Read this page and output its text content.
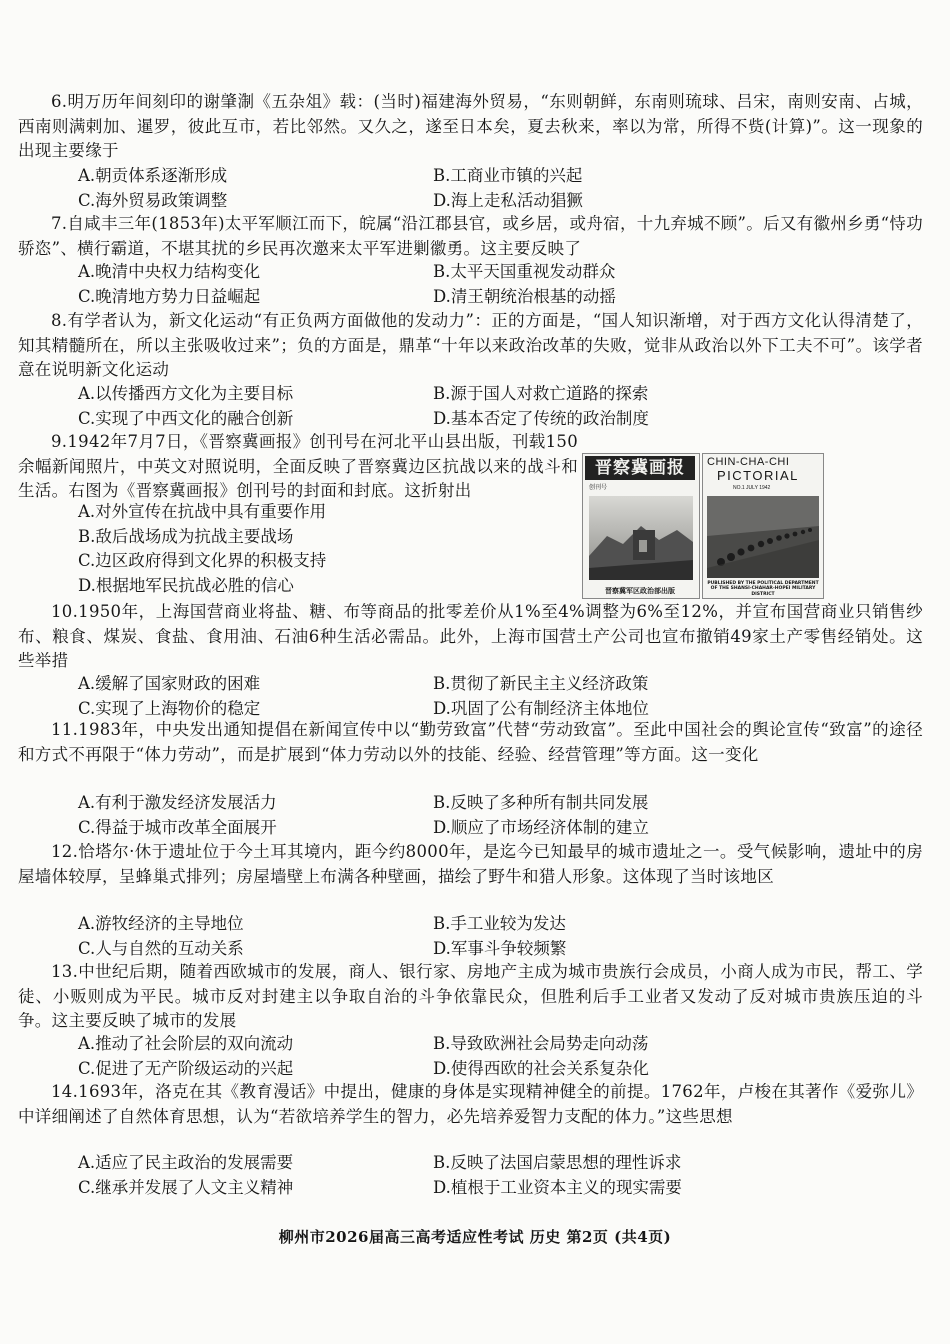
6.明万历年间刻印的谢肇淛《五杂俎》载：(当时)福建海外贸易，“东则朝鲜，东南则琉球、吕宋，南则安南、占城，西南则满剌加、暹罗，彼此互市，若比邻然。又久之，遂至日本矣，夏去秋来，率以为常，所得不赀(计算)”。这一现象的出现主要缘于
A.朝贡体系逐渐形成	B.工商业市镇的兴起
C.海外贸易政策调整	D.海上走私活动猖獗
7.自咸丰三年(1853年)太平军顺江而下，皖属“沿江郡县官，或乡居，或舟宿，十九弃城不顾”。后又有徽州乡勇“恃功骄恣”、横行霸道，不堪其扰的乡民再次邀来太平军进剿徽勇。这主要反映了
A.晚清中央权力结构变化	B.太平天国重视发动群众
C.晚清地方势力日益崛起	D.清王朝统治根基的动摇
8.有学者认为，新文化运动“有正负两方面做他的发动力”：正的方面是，“国人知识渐增，对于西方文化认得清楚了，知其精髓所在，所以主张吸收过来”；负的方面是，鼎革“十年以来政治改革的失败，觉非从政治以外下工夫不可”。该学者意在说明新文化运动
A.以传播西方文化为主要目标	B.源于国人对救亡道路的探索
C.实现了中西文化的融合创新	D.基本否定了传统的政治制度
9.1942年7月7日，《晋察冀画报》创刊号在河北平山县出版，刊载150余幅新闻照片，中英文对照说明，全面反映了晋察冀边区抗战以来的战斗和生活。右图为《晋察冀画报》创刊号的封面和封底。这折射出
A.对外宣传在抗战中具有重要作用
B.敌后战场成为抗战主要战场
C.边区政府得到文化界的积极支持
D.根据地军民抗战必胜的信心
晋察冀画报
创刊号
晋察冀军区政治部出版
CHIN-CHA-CHI
PICTORIAL
NO.1 JULY 1942
PUBLISHED BY THE POLITICAL DEPARTMENT OF THE SHANSI-CHAHAR-HOPEI MILITARY DISTRICT
10.1950年，上海国营商业将盐、糖、布等商品的批零差价从1%至4%调整为6%至12%，并宣布国营商业只销售纱布、粮食、煤炭、食盐、食用油、石油6种生活必需品。此外，上海市国营土产公司也宣布撤销49家土产零售经销处。这些举措
A.缓解了国家财政的困难	B.贯彻了新民主主义经济政策
C.实现了上海物价的稳定	D.巩固了公有制经济主体地位
11.1983年，中央发出通知提倡在新闻宣传中以“勤劳致富”代替“劳动致富”。至此中国社会的舆论宣传“致富”的途径和方式不再限于“体力劳动”，而是扩展到“体力劳动以外的技能、经验、经营管理”等方面。这一变化
A.有利于激发经济发展活力	B.反映了多种所有制共同发展
C.得益于城市改革全面展开	D.顺应了市场经济体制的建立
12.恰塔尔·休于遗址位于今土耳其境内，距今约8000年，是迄今已知最早的城市遗址之一。受气候影响，遗址中的房屋墙体较厚，呈蜂巢式排列；房屋墙壁上布满各种壁画，描绘了野牛和猎人形象。这体现了当时该地区
A.游牧经济的主导地位	B.手工业较为发达
C.人与自然的互动关系	D.军事斗争较频繁
13.中世纪后期，随着西欧城市的发展，商人、银行家、房地产主成为城市贵族行会成员，小商人成为市民，帮工、学徒、小贩则成为平民。城市反对封建主以争取自治的斗争依靠民众，但胜利后手工业者又发动了反对城市贵族压迫的斗争。这主要反映了城市的发展
A.推动了社会阶层的双向流动	B.导致欧洲社会局势走向动荡
C.促进了无产阶级运动的兴起	D.使得西欧的社会关系复杂化
14.1693年，洛克在其《教育漫话》中提出，健康的身体是实现精神健全的前提。1762年，卢梭在其著作《爱弥儿》中详细阐述了自然体育思想，认为“若欲培养学生的智力，必先培养爱智力支配的体力。”这些思想
A.适应了民主政治的发展需要	B.反映了法国启蒙思想的理性诉求
C.继承并发展了人文主义精神	D.植根于工业资本主义的现实需要
柳州市2026届高三高考适应性考试 历史 第2页 (共4页)
